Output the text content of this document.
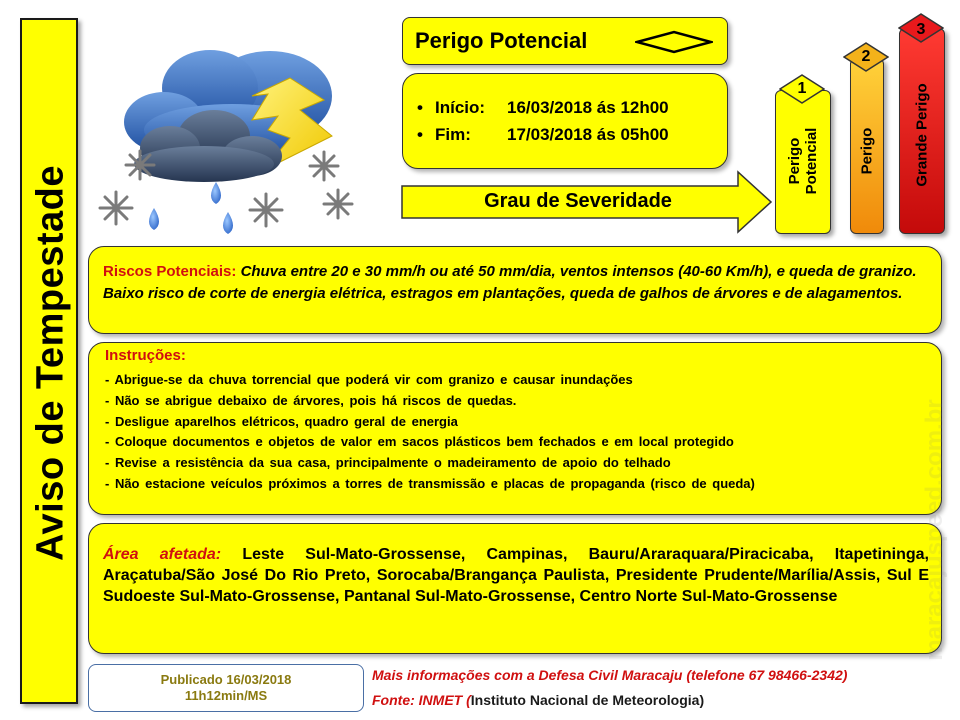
Aviso de Tempestade
Perigo Potencial
• Início: 16/03/2018 ás 12h00
• Fim: 17/03/2018 ás 05h00
Grau de Severidade
Perigo Potencial
1
Perigo
2
Grande Perigo
3
Riscos Potenciais: Chuva entre 20 e 30 mm/h ou até 50 mm/dia, ventos intensos (40-60 Km/h), e queda de granizo. Baixo risco de corte de energia elétrica, estragos em plantações, queda de galhos de árvores e de alagamentos.
Instruções:
- Abrigue-se da chuva torrencial que poderá vir com granizo e causar inundações
- Não se abrigue debaixo de árvores, pois há riscos de quedas.
- Desligue aparelhos elétricos, quadro geral de energia
- Coloque documentos e objetos de valor em sacos plásticos bem fechados e em local protegido
- Revise a resistência da sua casa, principalmente o madeiramento de apoio do telhado
- Não estacione veículos próximos a torres de transmissão e placas de propaganda (risco de queda)
Área afetada: Leste Sul-Mato-Grossense, Campinas, Bauru/Araraquara/Piracicaba, Itapetininga, Araçatuba/São José Do Rio Preto, Sorocaba/Brangança Paulista, Presidente Prudente/Marília/Assis, Sul E Sudoeste Sul-Mato-Grossense, Pantanal Sul-Mato-Grossense, Centro Norte Sul-Mato-Grossense	maracajuspeed.com.br
Publicado 16/03/2018
11h12min/MS
Mais informações com a Defesa Civil Maracaju (telefone 67 98466-2342)
Fonte: INMET (Instituto Nacional de Meteorologia)
